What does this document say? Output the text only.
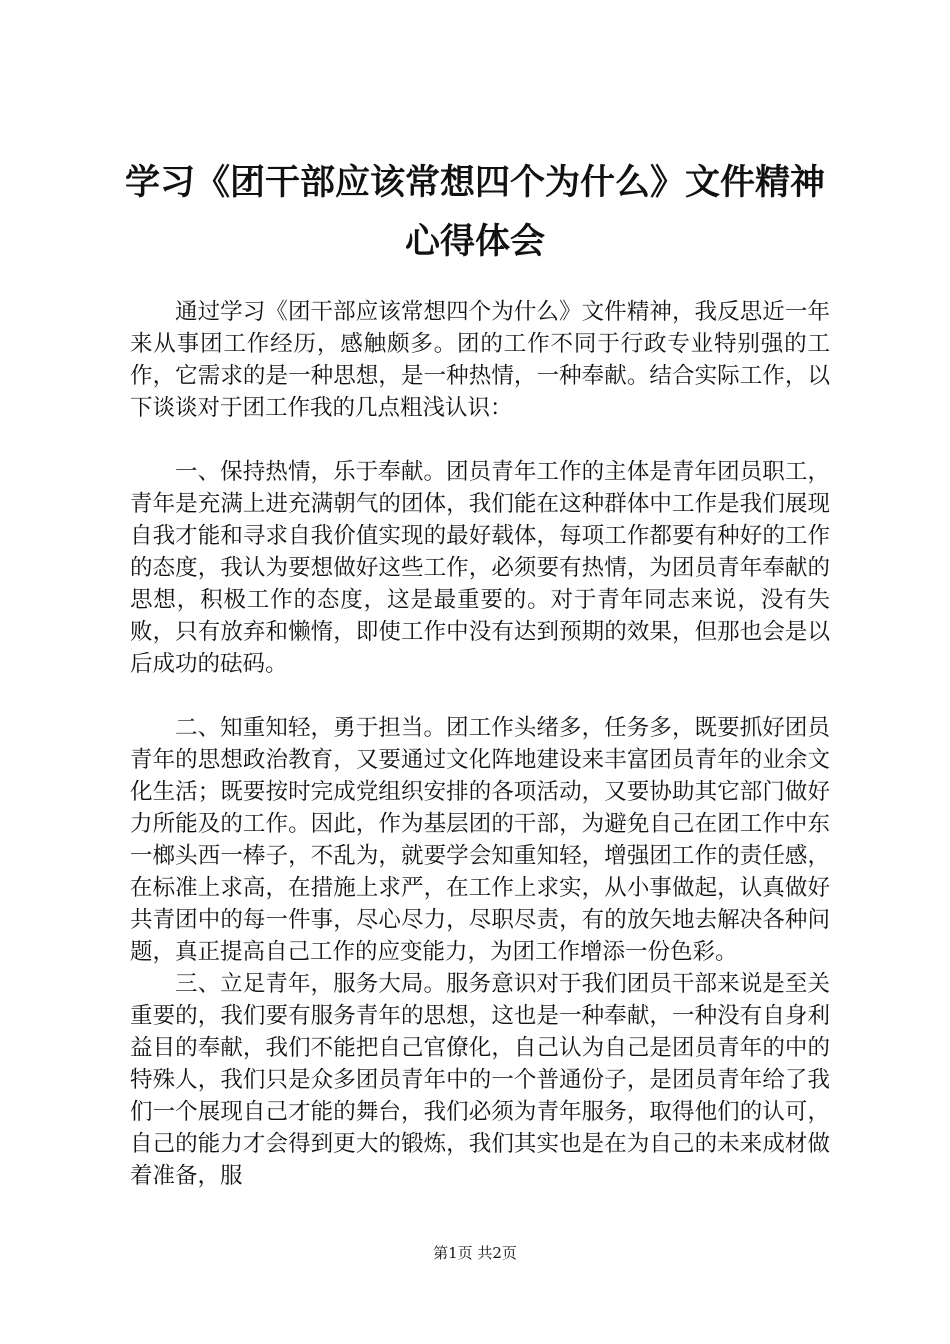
学习《团干部应该常想四个为什么》文件精神
心得体会

通过学习《团干部应该常想四个为什么》文件精神，我反思近一年来从事团工作经历，感触颇多。团的工作不同于行政专业特别强的工作，它需求的是一种思想，是一种热情，一种奉献。结合实际工作，以下谈谈对于团工作我的几点粗浅认识：

一、保持热情，乐于奉献。团员青年工作的主体是青年团员职工，青年是充满上进充满朝气的团体，我们能在这种群体中工作是我们展现自我才能和寻求自我价值实现的最好载体，每项工作都要有种好的工作的态度，我认为要想做好这些工作，必须要有热情，为团员青年奉献的思想，积极工作的态度，这是最重要的。对于青年同志来说，没有失败，只有放弃和懒惰，即使工作中没有达到预期的效果，但那也会是以后成功的砝码。

二、知重知轻，勇于担当。团工作头绪多，任务多，既要抓好团员青年的思想政治教育，又要通过文化阵地建设来丰富团员青年的业余文化生活；既要按时完成党组织安排的各项活动，又要协助其它部门做好力所能及的工作。因此，作为基层团的干部，为避免自己在团工作中东一榔头西一棒子，不乱为，就要学会知重知轻，增强团工作的责任感，在标准上求高，在措施上求严，在工作上求实，从小事做起，认真做好共青团中的每一件事，尽心尽力，尽职尽责，有的放矢地去解决各种问题，真正提高自己工作的应变能力，为团工作增添一份色彩。

三、立足青年，服务大局。服务意识对于我们团员干部来说是至关重要的，我们要有服务青年的思想，这也是一种奉献，一种没有自身利益目的奉献，我们不能把自己官僚化，自己认为自己是团员青年的中的特殊人，我们只是众多团员青年中的一个普通份子，是团员青年给了我们一个展现自己才能的舞台，我们必须为青年服务，取得他们的认可，自己的能力才会得到更大的锻炼，我们其实也是在为自己的未来成材做着准备，服

第1页 共2页
